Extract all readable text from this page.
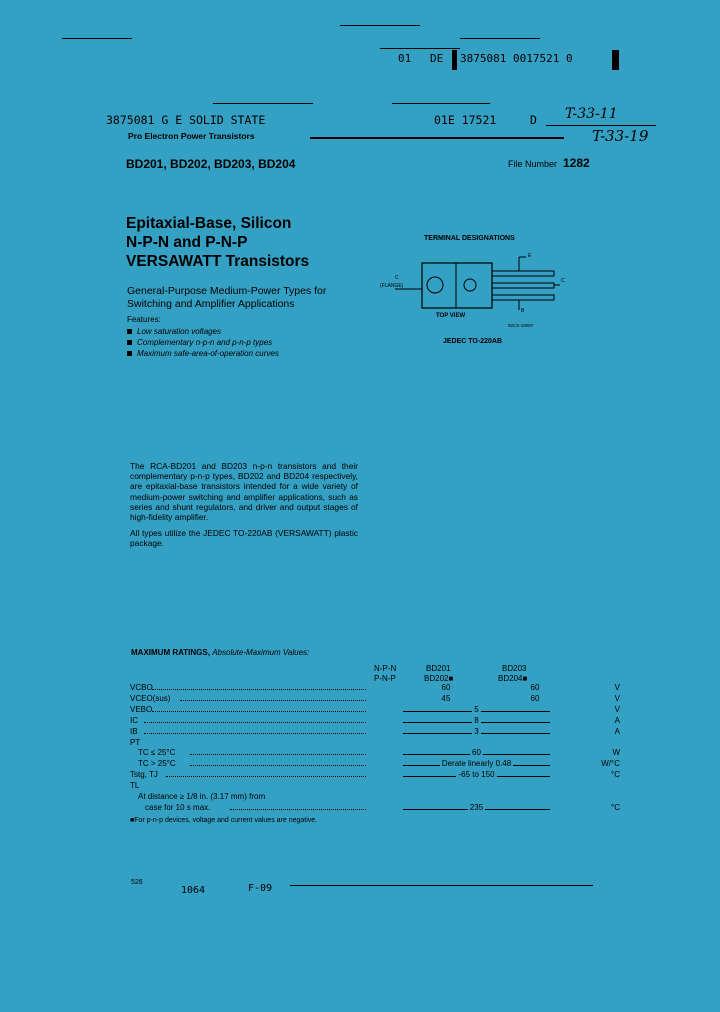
01 DE 3875081 0017521 0
3875081 G E SOLID STATE	01E 17521	D T-33-11
T-33-19
Pro Electron Power Transistors
BD201, BD202, BD203, BD204	File Number 1282
Epitaxial-Base, Silicon
N-P-N and P-N-P
VERSAWATT Transistors
General-Purpose Medium-Power Types for
Switching and Amplifier Applications
Features:
Low saturation voltages
Complementary n-p-n and p-n-p types
Maximum safe-area-of-operation curves
TERMINAL DESIGNATIONS
E
C
B
C
(FLANGE)
TOP VIEW
92CS-19087
JEDEC TO-220AB

The RCA-BD201 and BD203 n-p-n transistors and their complementary p-n-p types, BD202 and BD204 respectively, are epitaxial-base transistors intended for a wide variety of medium-power switching and amplifier applications, such as series and shunt regulators, and driver and output stages of high-fidelity amplifier.

All types utilize the JEDEC TO-220AB (VERSAWATT) plastic package.

MAXIMUM RATINGS, Absolute-Maximum Values:
N-P-N
P-N-P
BD201
BD202■
BD203
BD204■
VCBO	60	60	V
VCEO(sus)	45	60	V
VEBO	5	V
IC	8	A
IB	3	A
PT
TC ≤ 25°C	60	W
TC > 25°C	Derate linearly 0.48	W/°C
Tstg, TJ	-65 to 150	°C
TL
At distance ≥ 1/8 in. (3.17 mm) from
case for 10 s max.	235	°C
■For p-n-p devices, voltage and current values are negative.
526
1064	F-09
